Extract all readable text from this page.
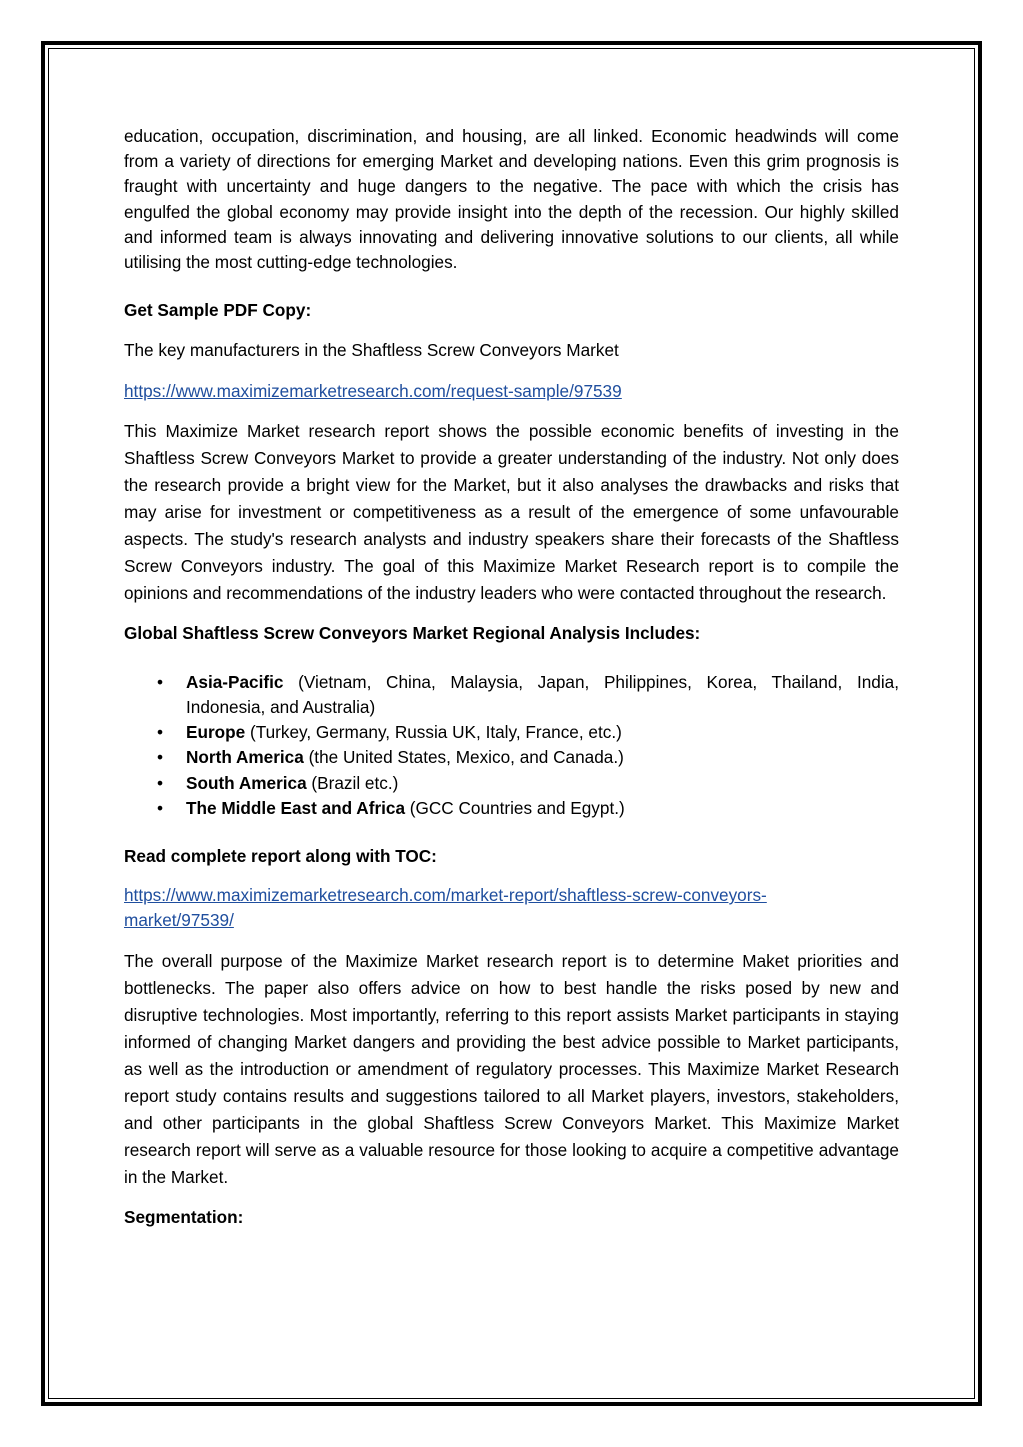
education, occupation, discrimination, and housing, are all linked. Economic headwinds will come from a variety of directions for emerging Market and developing nations. Even this grim prognosis is fraught with uncertainty and huge dangers to the negative. The pace with which the crisis has engulfed the global economy may provide insight into the depth of the recession. Our highly skilled and informed team is always innovating and delivering innovative solutions to our clients, all while utilising the most cutting-edge technologies.

Get Sample PDF Copy:

The key manufacturers in the Shaftless Screw Conveyors Market

https://www.maximizemarketresearch.com/request-sample/97539

This Maximize Market research report shows the possible economic benefits of investing in the Shaftless Screw Conveyors Market to provide a greater understanding of the industry. Not only does the research provide a bright view for the Market, but it also analyses the drawbacks and risks that may arise for investment or competitiveness as a result of the emergence of some unfavourable aspects. The study's research analysts and industry speakers share their forecasts of the Shaftless Screw Conveyors industry. The goal of this Maximize Market Research report is to compile the opinions and recommendations of the industry leaders who were contacted throughout the research.

Global Shaftless Screw Conveyors Market Regional Analysis Includes:

• Asia-Pacific (Vietnam, China, Malaysia, Japan, Philippines, Korea, Thailand, India, Indonesia, and Australia)
• Europe (Turkey, Germany, Russia UK, Italy, France, etc.)
• North America (the United States, Mexico, and Canada.)
• South America (Brazil etc.)
• The Middle East and Africa (GCC Countries and Egypt.)

Read complete report along with TOC:

https://www.maximizemarketresearch.com/market-report/shaftless-screw-conveyors-
market/97539/

The overall purpose of the Maximize Market research report is to determine Maket priorities and bottlenecks. The paper also offers advice on how to best handle the risks posed by new and disruptive technologies. Most importantly, referring to this report assists Market participants in staying informed of changing Market dangers and providing the best advice possible to Market participants, as well as the introduction or amendment of regulatory processes. This Maximize Market Research report study contains results and suggestions tailored to all Market players, investors, stakeholders, and other participants in the global Shaftless Screw Conveyors Market. This Maximize Market research report will serve as a valuable resource for those looking to acquire a competitive advantage in the Market.

Segmentation:
